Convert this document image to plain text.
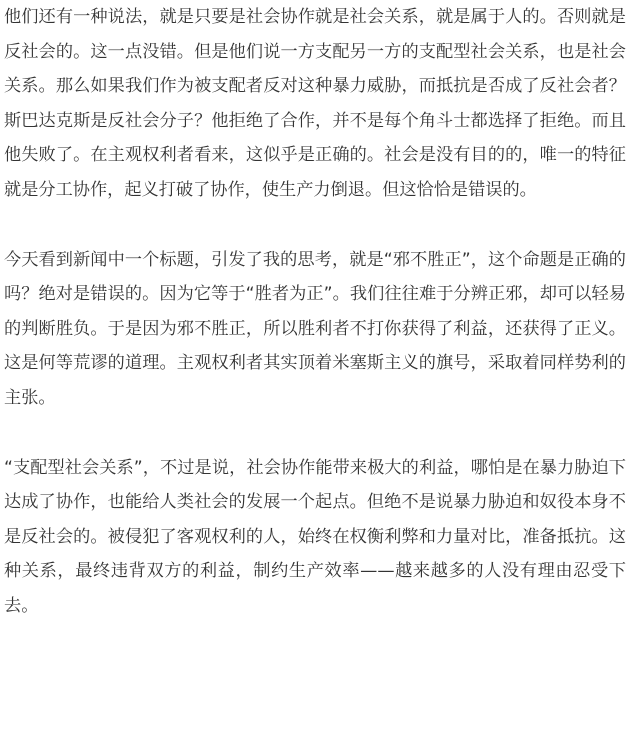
他们还有一种说法，就是只要是社会协作就是社会关系，就是属于人的。否则就是反社会的。这一点没错。但是他们说一方支配另一方的支配型社会关系，也是社会关系。那么如果我们作为被支配者反对这种暴力威胁，而抵抗是否成了反社会者？斯巴达克斯是反社会分子？他拒绝了合作，并不是每个角斗士都选择了拒绝。而且他失败了。在主观权利者看来，这似乎是正确的。社会是没有目的的，唯一的特征就是分工协作，起义打破了协作，使生产力倒退。但这恰恰是错误的。

今天看到新闻中一个标题，引发了我的思考，就是“邪不胜正”，这个命题是正确的吗？绝对是错误的。因为它等于“胜者为正”。我们往往难于分辨正邪，却可以轻易的判断胜负。于是因为邪不胜正，所以胜利者不打你获得了利益，还获得了正义。这是何等荒谬的道理。主观权利者其实顶着米塞斯主义的旗号，采取着同样势利的主张。

“支配型社会关系”，不过是说，社会协作能带来极大的利益，哪怕是在暴力胁迫下达成了协作，也能给人类社会的发展一个起点。但绝不是说暴力胁迫和奴役本身不是反社会的。被侵犯了客观权利的人，始终在权衡利弊和力量对比，准备抵抗。这种关系，最终违背双方的利益，制约生产效率——越来越多的人没有理由忍受下去。
